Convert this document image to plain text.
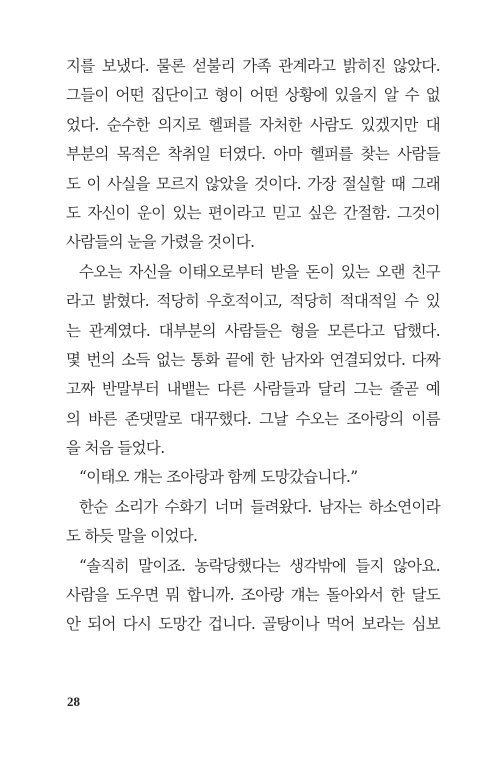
지를 보냈다. 물론 섣불리 가족 관계라고 밝히진 않았다.
그들이 어떤 집단이고 형이 어떤 상황에 있을지 알 수 없
었다. 순수한 의지로 헬퍼를 자처한 사람도 있겠지만 대
부분의 목적은 착취일 터였다. 아마 헬퍼를 찾는 사람들
도 이 사실을 모르지 않았을 것이다. 가장 절실할 때 그래
도 자신이 운이 있는 편이라고 믿고 싶은 간절함. 그것이
사람들의 눈을 가렸을 것이다.
수오는 자신을 이태오로부터 받을 돈이 있는 오랜 친구
라고 밝혔다. 적당히 우호적이고, 적당히 적대적일 수 있
는 관계였다. 대부분의 사람들은 형을 모른다고 답했다.
몇 번의 소득 없는 통화 끝에 한 남자와 연결되었다. 다짜
고짜 반말부터 내뱉는 다른 사람들과 달리 그는 줄곧 예
의 바른 존댓말로 대꾸했다. 그날 수오는 조아랑의 이름
을 처음 들었다.
“이태오 걔는 조아랑과 함께 도망갔습니다.”
한순 소리가 수화기 너머 들려왔다. 남자는 하소연이라
도 하듯 말을 이었다.
“솔직히 말이죠. 농락당했다는 생각밖에 들지 않아요.
사람을 도우면 뭐 합니까. 조아랑 걔는 돌아와서 한 달도
안 되어 다시 도망간 겁니다. 골탕이나 먹어 보라는 심보
28
